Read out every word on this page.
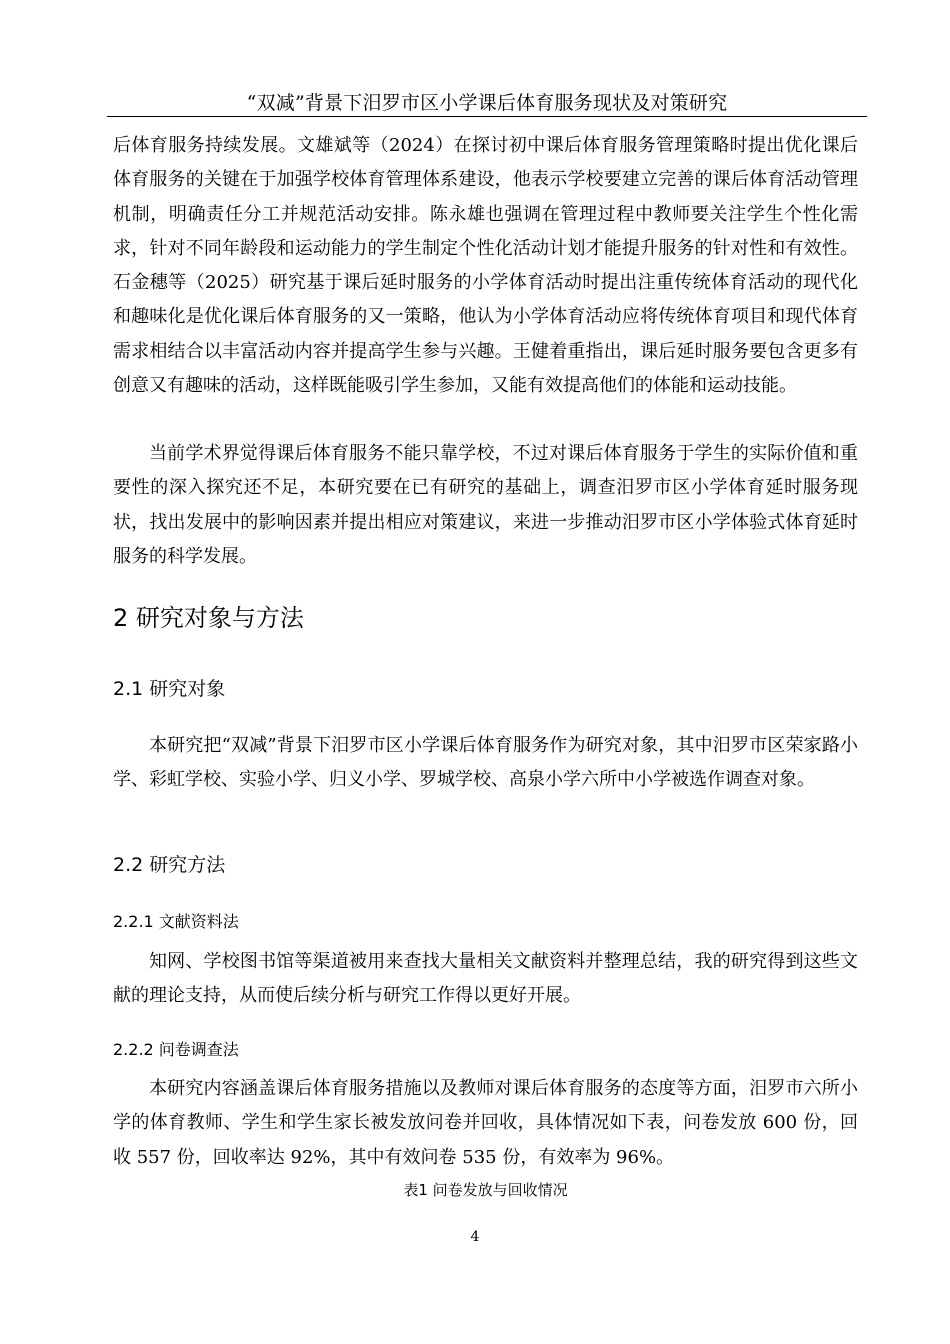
“双减”背景下汨罗市区小学课后体育服务现状及对策研究

后体育服务持续发展。文雄斌等（2024）在探讨初中课后体育服务管理策略时提出优化课后体育服务的关键在于加强学校体育管理体系建设，他表示学校要建立完善的课后体育活动管理机制，明确责任分工并规范活动安排。陈永雄也强调在管理过程中教师要关注学生个性化需求，针对不同年龄段和运动能力的学生制定个性化活动计划才能提升服务的针对性和有效性。石金穗等（2025）研究基于课后延时服务的小学体育活动时提出注重传统体育活动的现代化和趣味化是优化课后体育服务的又一策略，他认为小学体育活动应将传统体育项目和现代体育需求相结合以丰富活动内容并提高学生参与兴趣。王健着重指出，课后延时服务要包含更多有创意又有趣味的活动，这样既能吸引学生参加，又能有效提高他们的体能和运动技能。

当前学术界觉得课后体育服务不能只靠学校，不过对课后体育服务于学生的实际价值和重要性的深入探究还不足，本研究要在已有研究的基础上，调查汨罗市区小学体育延时服务现状，找出发展中的影响因素并提出相应对策建议，来进一步推动汨罗市区小学体验式体育延时服务的科学发展。

2 研究对象与方法
2.1 研究对象

本研究把“双减”背景下汨罗市区小学课后体育服务作为研究对象，其中汨罗市区荣家路小学、彩虹学校、实验小学、归义小学、罗城学校、高泉小学六所中小学被选作调查对象。

2.2 研究方法
2.2.1 文献资料法

知网、学校图书馆等渠道被用来查找大量相关文献资料并整理总结，我的研究得到这些文献的理论支持，从而使后续分析与研究工作得以更好开展。

2.2.2 问卷调查法

本研究内容涵盖课后体育服务措施以及教师对课后体育服务的态度等方面，汨罗市六所小学的体育教师、学生和学生家长被发放问卷并回收，具体情况如下表，问卷发放 600 份，回收 557 份，回收率达 92%，其中有效问卷 535 份，有效率为 96%。

表1 问卷发放与回收情况
4
